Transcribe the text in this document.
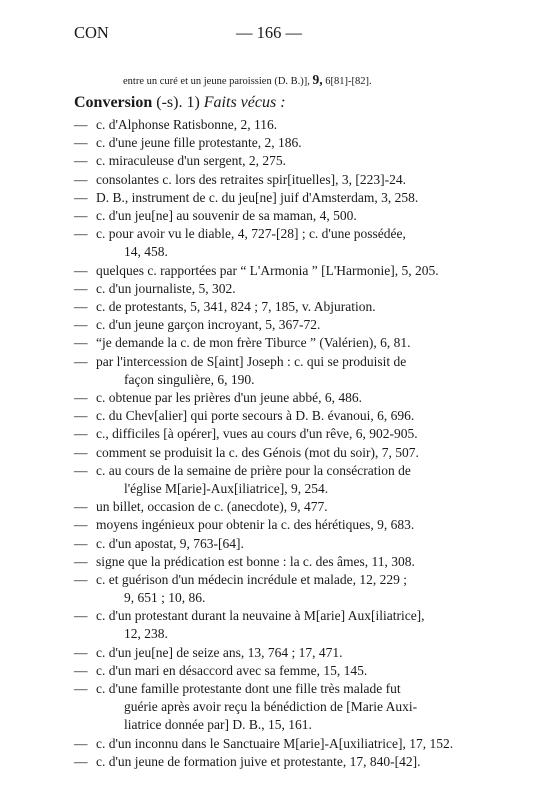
CON	— 166 —
entre un curé et un jeune paroissien (D. B.)], 9, 6[81]-[82].
Conversion (-s). 1) Faits vécus :
— c. d'Alphonse Ratisbonne, 2, 116.
— c. d'une jeune fille protestante, 2, 186.
— c. miraculeuse d'un sergent, 2, 275.
— consolantes c. lors des retraites spir[ituelles], 3, [223]-24.
— D. B., instrument de c. du jeu[ne] juif d'Amsterdam, 3, 258.
— c. d'un jeu[ne] au souvenir de sa maman, 4, 500.
— c. pour avoir vu le diable, 4, 727-[28] ; c. d'une possédée,
14, 458.
— quelques c. rapportées par “ L'Armonia ” [L'Harmonie], 5, 205.
— c. d'un journaliste, 5, 302.
— c. de protestants, 5, 341, 824 ; 7, 185, v. Abjuration.
— c. d'un jeune garçon incroyant, 5, 367-72.
— “je demande la c. de mon frère Tiburce ” (Valérien), 6, 81.
— par l'intercession de S[aint] Joseph : c. qui se produisit de
façon singulière, 6, 190.
— c. obtenue par les prières d'un jeune abbé, 6, 486.
— c. du Chev[alier] qui porte secours à D. B. évanoui, 6, 696.
— c., difficiles [à opérer], vues au cours d'un rêve, 6, 902-905.
— comment se produisit la c. des Génois (mot du soir), 7, 507.
— c. au cours de la semaine de prière pour la consécration de
l'église M[arie]-Aux[iliatrice], 9, 254.
— un billet, occasion de c. (anecdote), 9, 477.
— moyens ingénieux pour obtenir la c. des hérétiques, 9, 683.
— c. d'un apostat, 9, 763-[64].
— signe que la prédication est bonne : la c. des âmes, 11, 308.
— c. et guérison d'un médecin incrédule et malade, 12, 229 ;
9, 651 ; 10, 86.
— c. d'un protestant durant la neuvaine à M[arie] Aux[iliatrice],
12, 238.
— c. d'un jeu[ne] de seize ans, 13, 764 ; 17, 471.
— c. d'un mari en désaccord avec sa femme, 15, 145.
— c. d'une famille protestante dont une fille très malade fut
guérie après avoir reçu la bénédiction de [Marie Auxi-
liatrice donnée par] D. B., 15, 161.
— c. d'un inconnu dans le Sanctuaire M[arie]-A[uxiliatrice], 17, 152.
— c. d'un jeune de formation juive et protestante, 17, 840-[42].
